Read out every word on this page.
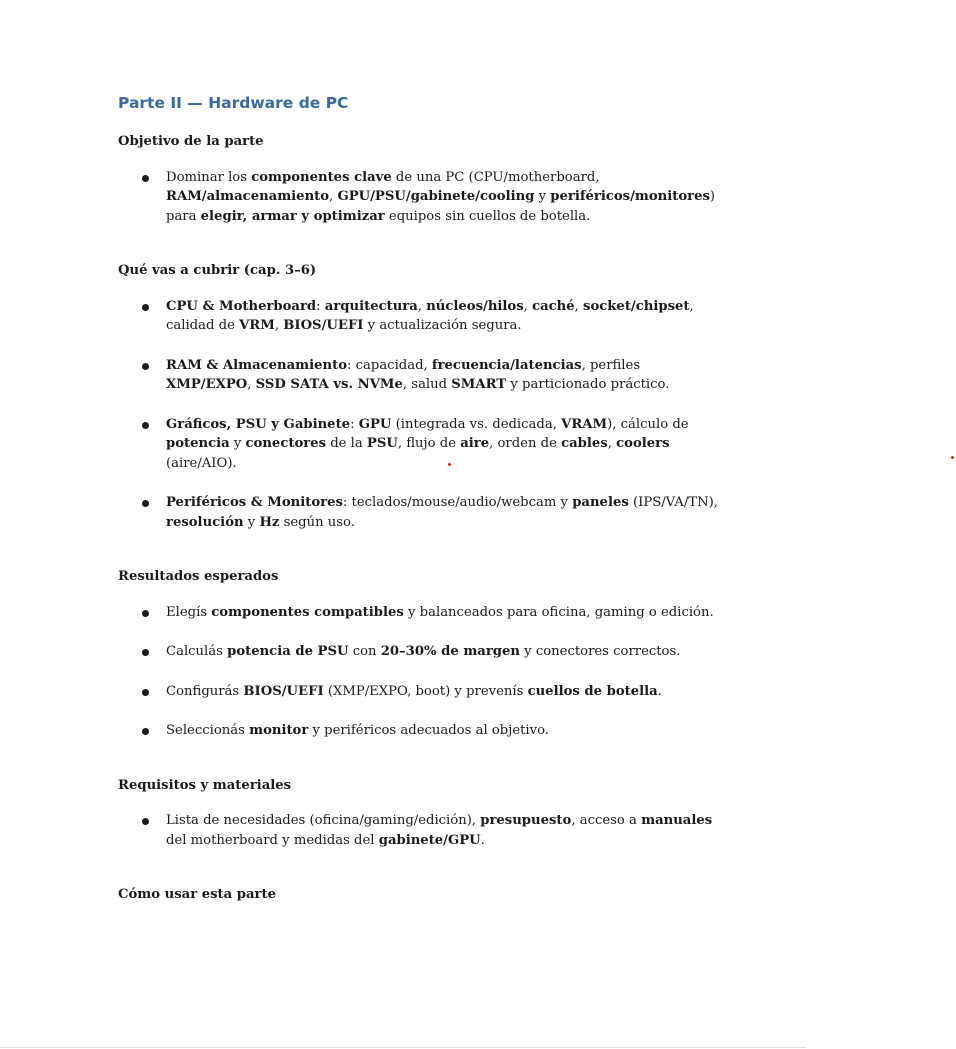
Parte II — Hardware de PC

Objetivo de la parte

Dominar los componentes clave de una PC (CPU/motherboard, RAM/almacenamiento, GPU/PSU/gabinete/cooling y periféricos/monitores) para elegir, armar y optimizar equipos sin cuellos de botella.

Qué vas a cubrir (cap. 3–6)

CPU & Motherboard: arquitectura, núcleos/hilos, caché, socket/chipset, calidad de VRM, BIOS/UEFI y actualización segura.
RAM & Almacenamiento: capacidad, frecuencia/latencias, perfiles XMP/EXPO, SSD SATA vs. NVMe, salud SMART y particionado práctico.
Gráficos, PSU y Gabinete: GPU (integrada vs. dedicada, VRAM), cálculo de potencia y conectores de la PSU, flujo de aire, orden de cables, coolers (aire/AIO).
Periféricos & Monitores: teclados/mouse/audio/webcam y paneles (IPS/VA/TN), resolución y Hz según uso.

Resultados esperados

Elegís componentes compatibles y balanceados para oficina, gaming o edición.
Calculás potencia de PSU con 20–30% de margen y conectores correctos.
Configurás BIOS/UEFI (XMP/EXPO, boot) y prevenís cuellos de botella.
Seleccionás monitor y periféricos adecuados al objetivo.

Requisitos y materiales

Lista de necesidades (oficina/gaming/edición), presupuesto, acceso a manuales del motherboard y medidas del gabinete/GPU.

Cómo usar esta parte
